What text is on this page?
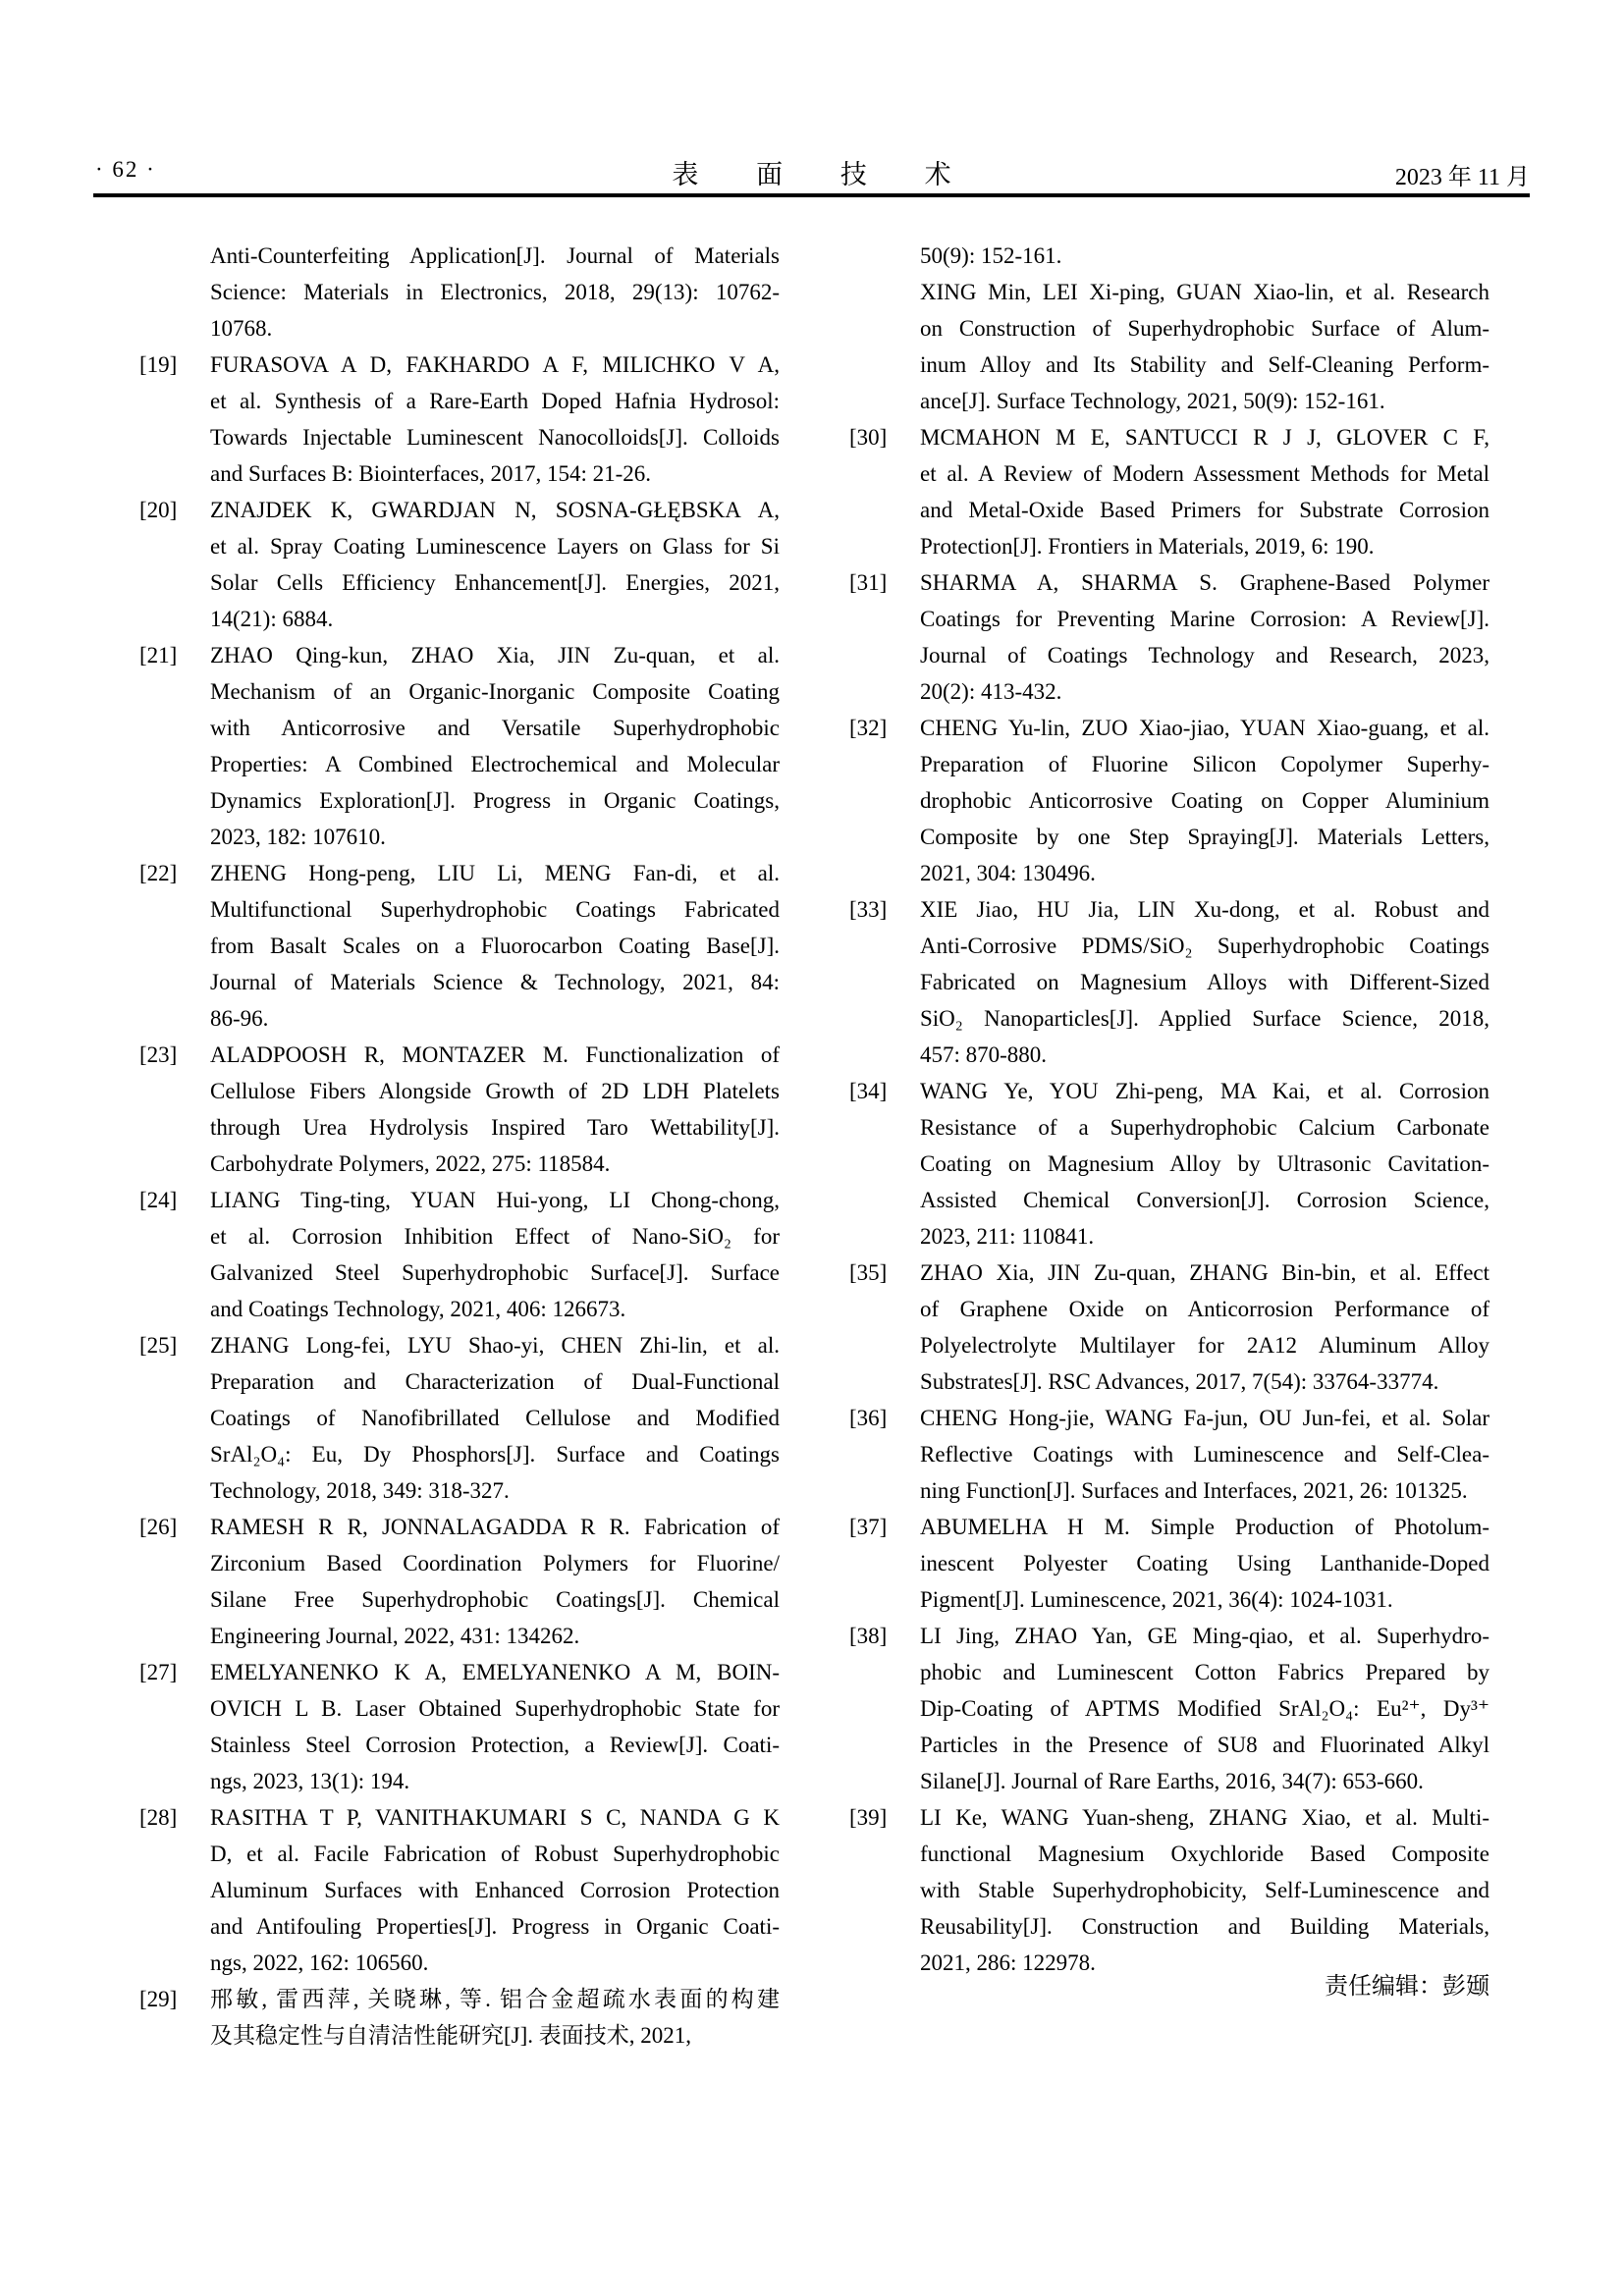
· 62 ·	表 面 技 术	2023 年 11 月
Anti-Counterfeiting Application[J]. Journal of Materials
Science: Materials in Electronics, 2018, 29(13): 10762-
10768.
[19] FURASOVA A D, FAKHARDO A F, MILICHKO V A,
et al. Synthesis of a Rare-Earth Doped Hafnia Hydrosol:
Towards Injectable Luminescent Nanocolloids[J]. Colloids
and Surfaces B: Biointerfaces, 2017, 154: 21-26.
[20] ZNAJDEK K, GWARDJAN N, SOSNA-GŁĘBSKA A,
et al. Spray Coating Luminescence Layers on Glass for Si
Solar Cells Efficiency Enhancement[J]. Energies, 2021,
14(21): 6884.
[21] ZHAO Qing-kun, ZHAO Xia, JIN Zu-quan, et al.
Mechanism of an Organic-Inorganic Composite Coating
with Anticorrosive and Versatile Superhydrophobic
Properties: A Combined Electrochemical and Molecular
Dynamics Exploration[J]. Progress in Organic Coatings,
2023, 182: 107610.
[22] ZHENG Hong-peng, LIU Li, MENG Fan-di, et al.
Multifunctional Superhydrophobic Coatings Fabricated
from Basalt Scales on a Fluorocarbon Coating Base[J].
Journal of Materials Science & Technology, 2021, 84:
86-96.
[23] ALADPOOSH R, MONTAZER M. Functionalization of
Cellulose Fibers Alongside Growth of 2D LDH Platelets
through Urea Hydrolysis Inspired Taro Wettability[J].
Carbohydrate Polymers, 2022, 275: 118584.
[24] LIANG Ting-ting, YUAN Hui-yong, LI Chong-chong,
et al. Corrosion Inhibition Effect of Nano-SiO₂ for
Galvanized Steel Superhydrophobic Surface[J]. Surface
and Coatings Technology, 2021, 406: 126673.
[25] ZHANG Long-fei, LYU Shao-yi, CHEN Zhi-lin, et al.
Preparation and Characterization of Dual-Functional
Coatings of Nanofibrillated Cellulose and Modified
SrAl₂O₄: Eu, Dy Phosphors[J]. Surface and Coatings
Technology, 2018, 349: 318-327.
[26] RAMESH R R, JONNALAGADDA R R. Fabrication of
Zirconium Based Coordination Polymers for Fluorine/
Silane Free Superhydrophobic Coatings[J]. Chemical
Engineering Journal, 2022, 431: 134262.
[27] EMELYANENKO K A, EMELYANENKO A M, BOIN-
OVICH L B. Laser Obtained Superhydrophobic State for
Stainless Steel Corrosion Protection, a Review[J]. Coati-
ngs, 2023, 13(1): 194.
[28] RASITHA T P, VANITHAKUMARI S C, NANDA G K
D, et al. Facile Fabrication of Robust Superhydrophobic
Aluminum Surfaces with Enhanced Corrosion Protection
and Antifouling Properties[J]. Progress in Organic Coati-
ngs, 2022, 162: 106560.
[29] 邢敏, 雷西萍, 关晓琳, 等. 铝合金超疏水表面的构建
及其稳定性与自清洁性能研究[J]. 表面技术, 2021,
50(9): 152-161.
XING Min, LEI Xi-ping, GUAN Xiao-lin, et al. Research
on Construction of Superhydrophobic Surface of Alum-
inum Alloy and Its Stability and Self-Cleaning Perform-
ance[J]. Surface Technology, 2021, 50(9): 152-161.
[30] MCMAHON M E, SANTUCCI R J J, GLOVER C F,
et al. A Review of Modern Assessment Methods for Metal
and Metal-Oxide Based Primers for Substrate Corrosion
Protection[J]. Frontiers in Materials, 2019, 6: 190.
[31] SHARMA A, SHARMA S. Graphene-Based Polymer
Coatings for Preventing Marine Corrosion: A Review[J].
Journal of Coatings Technology and Research, 2023,
20(2): 413-432.
[32] CHENG Yu-lin, ZUO Xiao-jiao, YUAN Xiao-guang, et al.
Preparation of Fluorine Silicon Copolymer Superhy-
drophobic Anticorrosive Coating on Copper Aluminium
Composite by one Step Spraying[J]. Materials Letters,
2021, 304: 130496.
[33] XIE Jiao, HU Jia, LIN Xu-dong, et al. Robust and
Anti-Corrosive PDMS/SiO₂ Superhydrophobic Coatings
Fabricated on Magnesium Alloys with Different-Sized
SiO₂ Nanoparticles[J]. Applied Surface Science, 2018,
457: 870-880.
[34] WANG Ye, YOU Zhi-peng, MA Kai, et al. Corrosion
Resistance of a Superhydrophobic Calcium Carbonate
Coating on Magnesium Alloy by Ultrasonic Cavitation-
Assisted Chemical Conversion[J]. Corrosion Science,
2023, 211: 110841.
[35] ZHAO Xia, JIN Zu-quan, ZHANG Bin-bin, et al. Effect
of Graphene Oxide on Anticorrosion Performance of
Polyelectrolyte Multilayer for 2A12 Aluminum Alloy
Substrates[J]. RSC Advances, 2017, 7(54): 33764-33774.
[36] CHENG Hong-jie, WANG Fa-jun, OU Jun-fei, et al. Solar
Reflective Coatings with Luminescence and Self-Clea-
ning Function[J]. Surfaces and Interfaces, 2021, 26: 101325.
[37] ABUMELHA H M. Simple Production of Photolum-
inescent Polyester Coating Using Lanthanide-Doped
Pigment[J]. Luminescence, 2021, 36(4): 1024-1031.
[38] LI Jing, ZHAO Yan, GE Ming-qiao, et al. Superhydro-
phobic and Luminescent Cotton Fabrics Prepared by
Dip-Coating of APTMS Modified SrAl₂O₄: Eu²⁺, Dy³⁺
Particles in the Presence of SU8 and Fluorinated Alkyl
Silane[J]. Journal of Rare Earths, 2016, 34(7): 653-660.
[39] LI Ke, WANG Yuan-sheng, ZHANG Xiao, et al. Multi-
functional Magnesium Oxychloride Based Composite
with Stable Superhydrophobicity, Self-Luminescence and
Reusability[J]. Construction and Building Materials,
2021, 286: 122978.
责任编辑：彭颋
